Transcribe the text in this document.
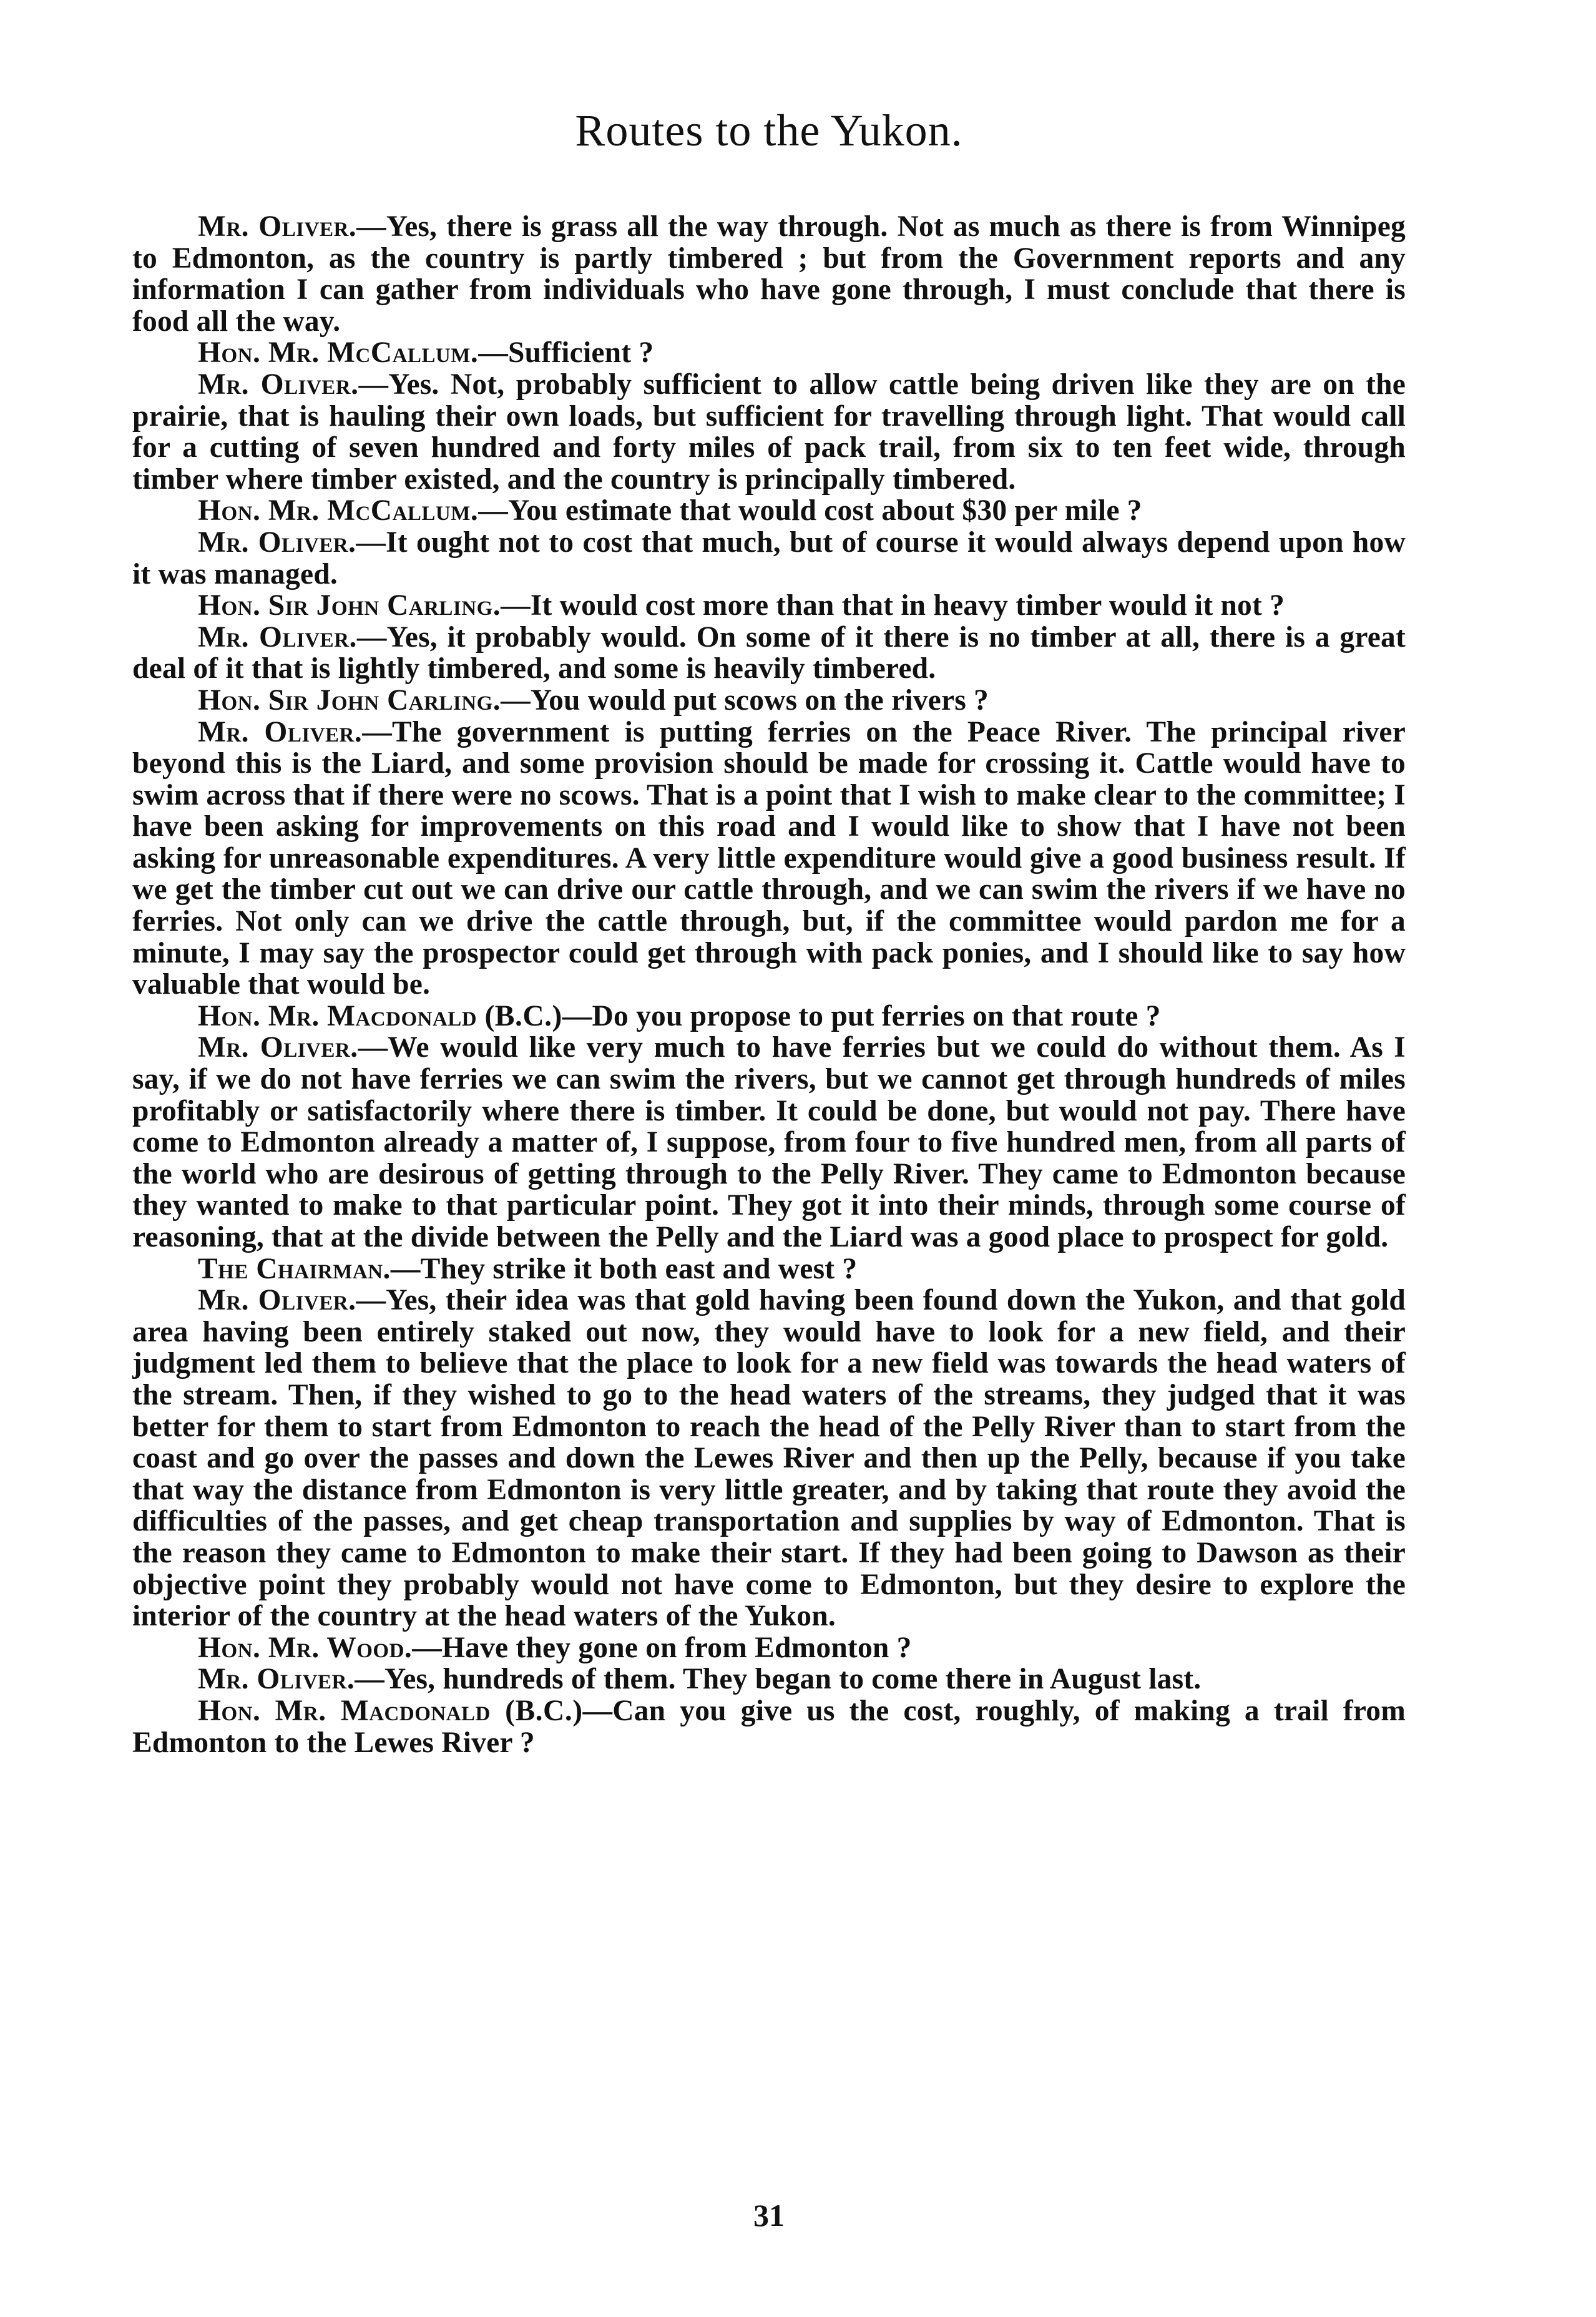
Routes to the Yukon.

Mr. Oliver.—Yes, there is grass all the way through. Not as much as there is from Winnipeg to Edmonton, as the country is partly timbered ; but from the Government reports and any information I can gather from individuals who have gone through, I must conclude that there is food all the way.

Hon. Mr. McCallum.—Sufficient ?

Mr. Oliver.—Yes. Not, probably sufficient to allow cattle being driven like they are on the prairie, that is hauling their own loads, but sufficient for travelling through light. That would call for a cutting of seven hundred and forty miles of pack trail, from six to ten feet wide, through timber where timber existed, and the country is principally timbered.

Hon. Mr. McCallum.—You estimate that would cost about $30 per mile ?

Mr. Oliver.—It ought not to cost that much, but of course it would always depend upon how it was managed.

Hon. Sir John Carling.—It would cost more than that in heavy timber would it not ?

Mr. Oliver.—Yes, it probably would. On some of it there is no timber at all, there is a great deal of it that is lightly timbered, and some is heavily timbered.

Hon. Sir John Carling.—You would put scows on the rivers ?

Mr. Oliver.—The government is putting ferries on the Peace River. The principal river beyond this is the Liard, and some provision should be made for crossing it. Cattle would have to swim across that if there were no scows. That is a point that I wish to make clear to the committee; I have been asking for improvements on this road and I would like to show that I have not been asking for unreasonable expenditures. A very little expenditure would give a good business result. If we get the timber cut out we can drive our cattle through, and we can swim the rivers if we have no ferries. Not only can we drive the cattle through, but, if the committee would pardon me for a minute, I may say the prospector could get through with pack ponies, and I should like to say how valuable that would be.

Hon. Mr. Macdonald (B.C.)—Do you propose to put ferries on that route ?

Mr. Oliver.—We would like very much to have ferries but we could do without them. As I say, if we do not have ferries we can swim the rivers, but we cannot get through hundreds of miles profitably or satisfactorily where there is timber. It could be done, but would not pay. There have come to Edmonton already a matter of, I suppose, from four to five hundred men, from all parts of the world who are desirous of getting through to the Pelly River. They came to Edmonton because they wanted to make to that particular point. They got it into their minds, through some course of reasoning, that at the divide between the Pelly and the Liard was a good place to prospect for gold.

The Chairman.—They strike it both east and west ?

Mr. Oliver.—Yes, their idea was that gold having been found down the Yukon, and that gold area having been entirely staked out now, they would have to look for a new field, and their judgment led them to believe that the place to look for a new field was towards the head waters of the stream. Then, if they wished to go to the head waters of the streams, they judged that it was better for them to start from Edmonton to reach the head of the Pelly River than to start from the coast and go over the passes and down the Lewes River and then up the Pelly, because if you take that way the distance from Edmonton is very little greater, and by taking that route they avoid the difficulties of the passes, and get cheap transportation and supplies by way of Edmonton. That is the reason they came to Edmonton to make their start. If they had been going to Dawson as their objective point they probably would not have come to Edmonton, but they desire to explore the interior of the country at the head waters of the Yukon.

Hon. Mr. Wood.—Have they gone on from Edmonton ?

Mr. Oliver.—Yes, hundreds of them. They began to come there in August last.

Hon. Mr. Macdonald (B.C.)—Can you give us the cost, roughly, of making a trail from Edmonton to the Lewes River ?

31
